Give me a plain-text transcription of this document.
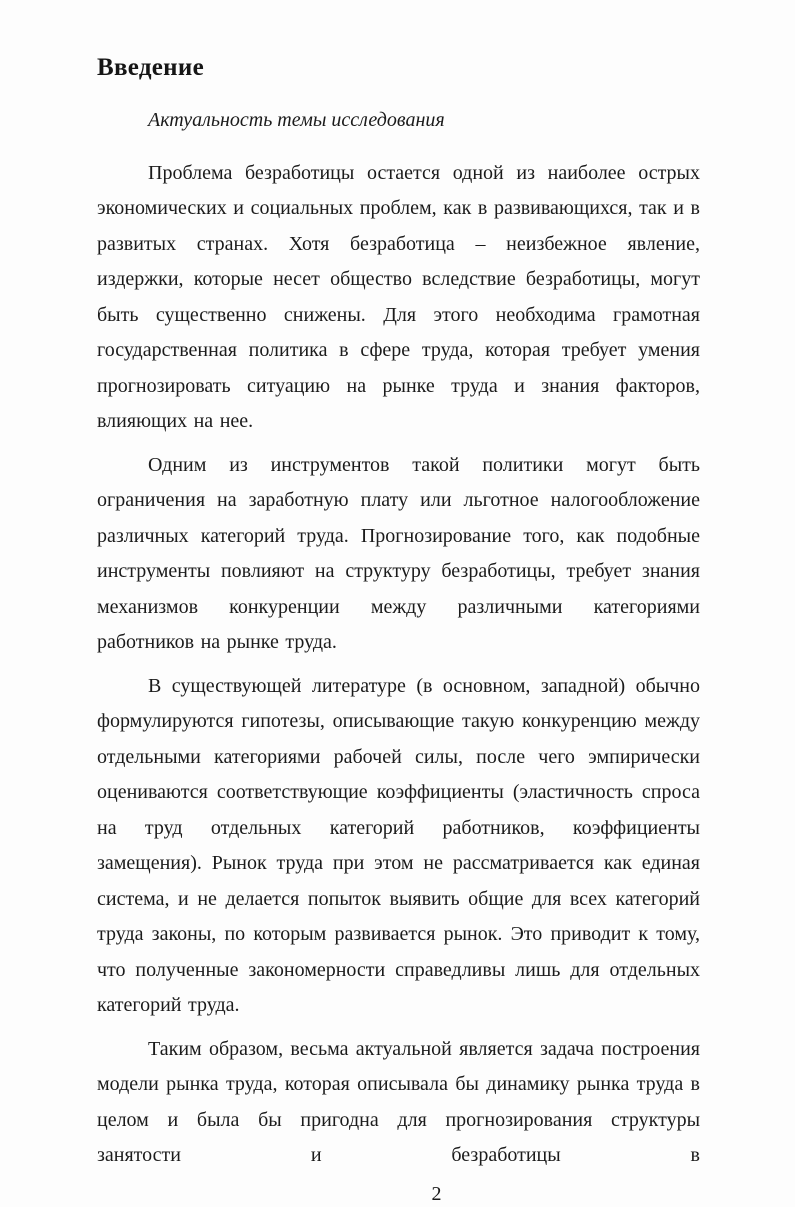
Введение

Актуальность темы исследования

Проблема безработицы остается одной из наиболее острых экономических и социальных проблем, как в развивающихся, так и в развитых странах. Хотя безработица – неизбежное явление, издержки, которые несет общество вследствие безработицы, могут быть существенно снижены. Для этого необходима грамотная государственная политика в сфере труда, которая требует умения прогнозировать ситуацию на рынке труда и знания факторов, влияющих на нее.

Одним из инструментов такой политики могут быть ограничения на заработную плату или льготное налогообложение различных категорий труда. Прогнозирование того, как подобные инструменты повлияют на структуру безработицы, требует знания механизмов конкуренции между различными категориями работников на рынке труда.

В существующей литературе (в основном, западной) обычно формулируются гипотезы, описывающие такую конкуренцию между отдельными категориями рабочей силы, после чего эмпирически оцениваются соответствующие коэффициенты (эластичность спроса на труд отдельных категорий работников, коэффициенты замещения). Рынок труда при этом не рассматривается как единая система, и не делается попыток выявить общие для всех категорий труда законы, по которым развивается рынок. Это приводит к тому, что полученные закономерности справедливы лишь для отдельных категорий труда.

Таким образом, весьма актуальной является задача построения модели рынка труда, которая описывала бы динамику рынка труда в целом и была бы пригодна для прогнозирования структуры занятости и безработицы в

2
